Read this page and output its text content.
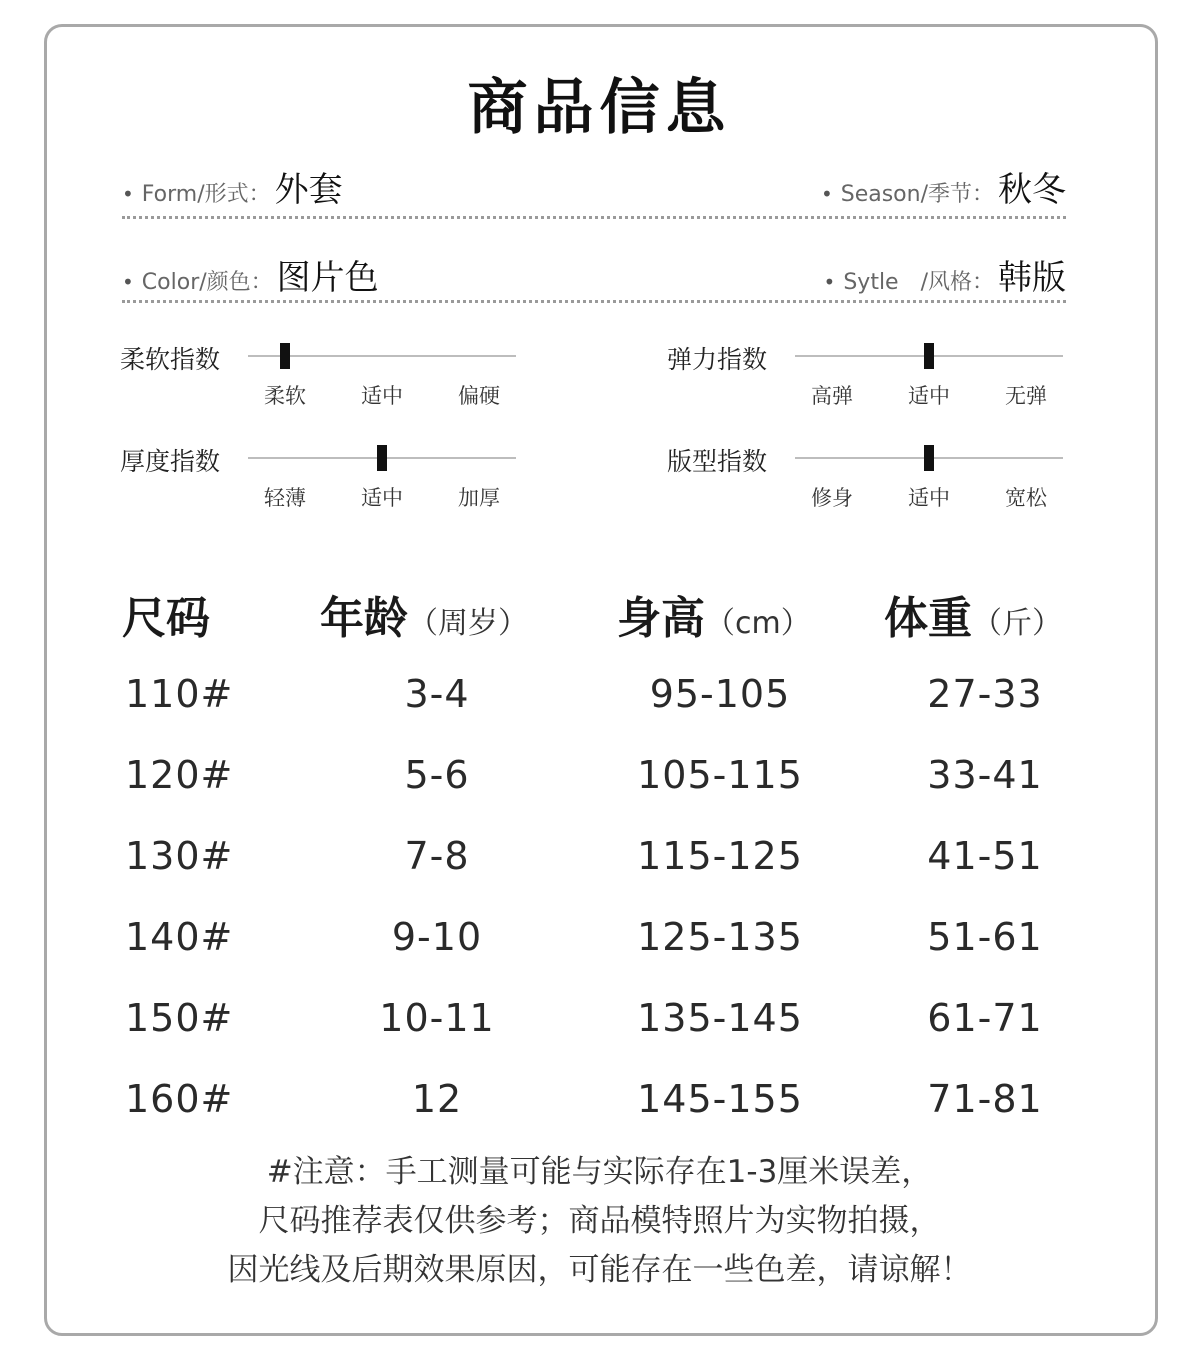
商品信息
• Form/形式： 外套	• Season/季节： 秋冬
• Color/颜色： 图片色	• Sytle　/风格： 韩版
柔软指数
柔软	适中	偏硬
弹力指数
高弹	适中	无弹
厚度指数
轻薄	适中	加厚
版型指数
修身	适中	宽松
尺码	年龄（周岁） 身高（cm） 体重（斤）
110#	3-4	95-105	27-33
120#	5-6	105-115	33-41
130#	7-8	115-125	41-51
140#	9-10	125-135	51-61
150#	10-11	135-145	61-71
160#	12	145-155	71-81
#注意：手工测量可能与实际存在1-3厘米误差，
尺码推荐表仅供参考；商品模特照片为实物拍摄，
因光线及后期效果原因，可能存在一些色差，请谅解！
